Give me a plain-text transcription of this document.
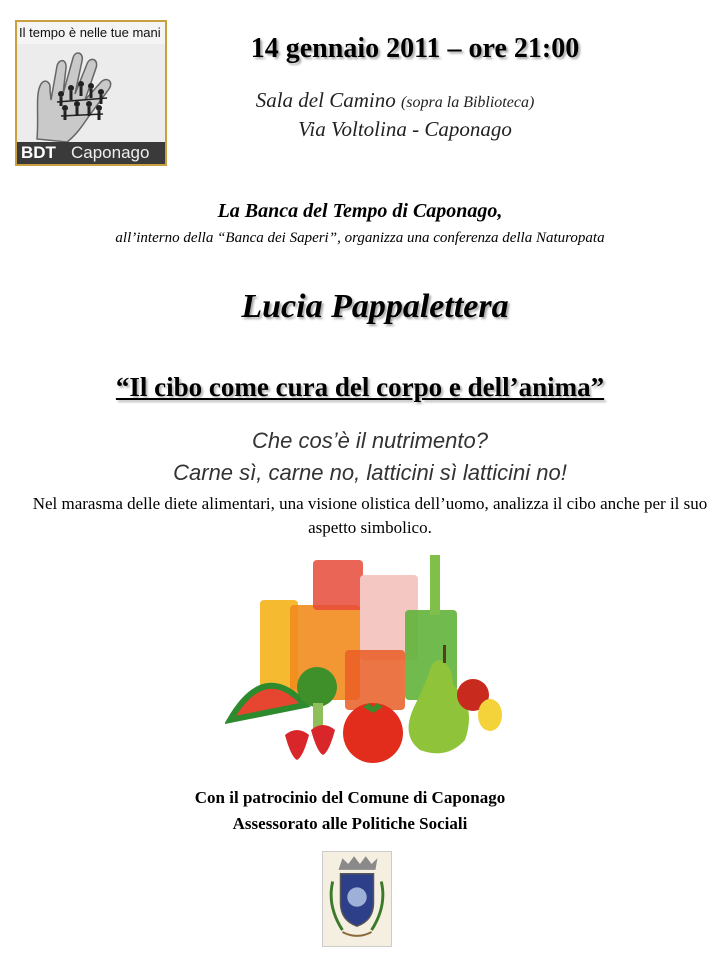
Il tempo è nelle tue mani
BDT Caponago
14 gennaio 2011 – ore 21:00
Sala del Camino (sopra la Biblioteca)
Via Voltolina - Caponago
La Banca del Tempo di Caponago,
all’interno della “Banca dei Saperi”, organizza una conferenza della Naturopata
Lucia Pappalettera
“Il cibo come cura del corpo e dell’anima”
Che cos’è il nutrimento?
Carne sì, carne no, latticini sì latticini no!
Nel marasma delle diete alimentari, una visione olistica dell’uomo, analizza il cibo anche per il suo aspetto simbolico.
Con il patrocinio del Comune di Caponago
Assessorato alle Politiche Sociali
